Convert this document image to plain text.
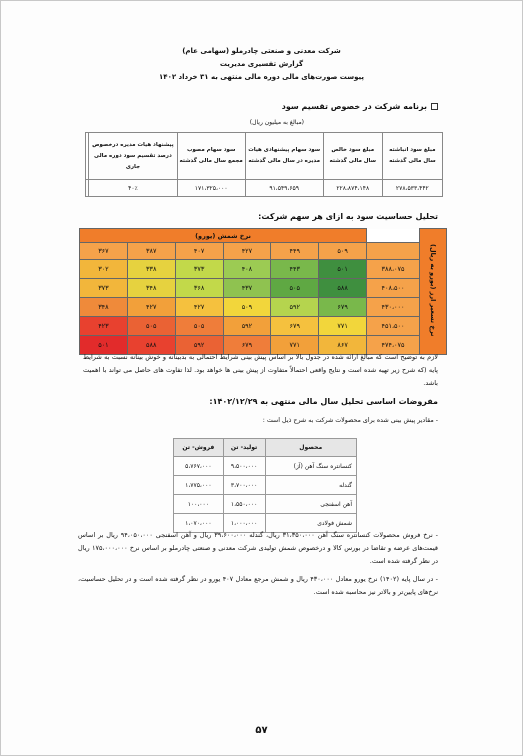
شرکت معدنی و صنعتی چادرملو (سهامی عام)
گزارش تفسیری مدیریت
پیوست صورت‌های مالی دوره مالی منتهی به ۳۱ خرداد ۱۴۰۲
برنامه شرکت در خصوص تقسیم سود
(مبالغ به میلیون ریال)
مبلغ سود انباشته سال مالی گذشته	مبلغ سود خالص سال مالی گذشته	سود سهام پیشنهادی هیات مدیره در سال مالی گذشته	سود سهام مصوب مجمع سال مالی گذشته	پیشنهاد هیات مدیره درخصوص درصد تقسیم سود دوره مالی جاری	
۲۷۸،۵۳۳،۴۴۲	۲۲۸،۸۷۴،۱۴۸	۹۱،۵۴۹،۶۵۹	۱۷۱،۳۲۵،۰۰۰	۴۰٪	
تحلیل حساسیت سود به ازای هر سهم شرکت:
نرخ تسعیر ارز (یورو به ریال)		نرخ شمش (یورو)					
		۵۰۹	۴۴۹	۴۲۷	۴۰۷	۳۸۷	۳۶۷
	۳۸۸،۰۷۵	۵۰۱	۴۴۳	۴۰۸	۳۷۳	۳۳۸	۳۰۲
	۴۰۸،۵۰۰	۵۸۸	۵۰۵	۴۳۷	۳۶۸	۳۴۸	۳۷۳
	۴۳۰،۰۰۰	۶۷۹	۵۹۲	۵۰۹	۴۲۷	۴۲۷	۳۴۸
	۴۵۱،۵۰۰	۷۷۱	۶۷۹	۵۹۲	۵۰۵	۵۰۵	۴۲۳
	۴۷۴،۰۷۵	۸۶۷	۷۷۱	۶۷۹	۵۹۲	۵۸۸	۵۰۱
لازم به توضیح است که مبالغ ارائه شده در جدول بالا بر اساس پیش بینی شرایط احتمالی به بدبینانه و خوش بینانه نسبت به شرایط پایه (که شرح زیر تهیه شده است و نتایج واقعی احتمالاً متفاوت از پیش بینی ها خواهد بود. لذا تفاوت های حاصل می تواند با اهمیت باشد.
مفروضات اساسی تحلیل سال مالی منتهی به ۱۴۰۲/۱۲/۲۹:
- مقادیر پیش بینی شده برای محصولات شرکت به شرح ذیل است :
محصول	تولید- تن	فروش- تن
کنسانتره سنگ آهن (آز)	۹،۵۰۰،۰۰۰	۵،۷۶۷،۰۰۰
گندله	۳،۷۰۰،۰۰۰	۱،۷۷۵،۰۰۰
آهن اسفنجی	۱،۵۵۰،۰۰۰	۱۰۰،۰۰۰
شمش فولادی	۱،۰۰۰،۰۰۰	۱،۰۷۰،۰۰۰
- نرخ فروش محصولات کنسانتره سنگ آهن ۳۱،۳۵۰،۰۰۰ ریال، گندله ۳۹،۶۰۰،۰۰۰ ریال و آهن اسفنجی ۹۴،۰۵۰،۰۰۰ ریال بر اساس قیمت‌های عرضه و تقاضا در بورس کالا و درخصوص شمش تولیدی شرکت معدنی و صنعتی چادرملو بر اساس نرخ ۱۷۵،۰۰۰،۰۰۰ ریال در نظر گرفته شده است.
- در سال پایه (۱۴۰۲) نرخ یورو معادل ۴۳۰،۰۰۰ ریال و شمش مرجع معادل ۴۰۷ یورو در نظر گرفته شده است و در تحلیل حساسیت، نرخ‌های پایین‌تر و بالاتر نیز محاسبه شده است.
۵۷
